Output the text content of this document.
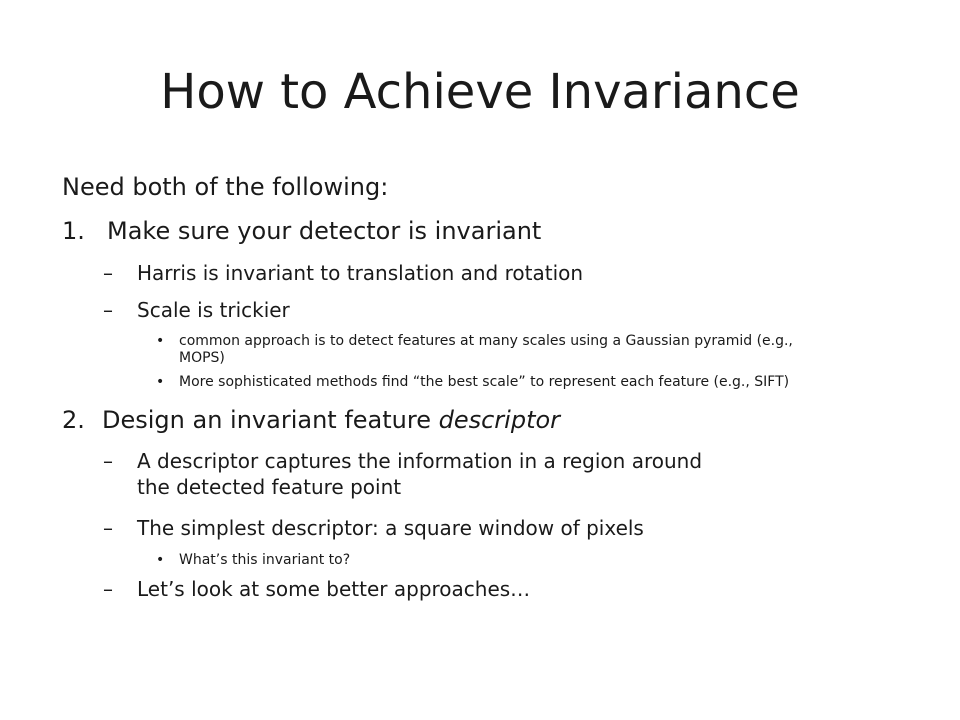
How to Achieve Invariance
Need both of the following:
1. Make sure your detector is invariant
– Harris is invariant to translation and rotation
– Scale is trickier
• common approach is to detect features at many scales using a Gaussian pyramid (e.g.,
MOPS)
• More sophisticated methods find “the best scale” to represent each feature (e.g., SIFT)
2. Design an invariant feature descriptor
– A descriptor captures the information in a region around
the detected feature point
– The simplest descriptor: a square window of pixels
• What’s this invariant to?
– Let’s look at some better approaches…
